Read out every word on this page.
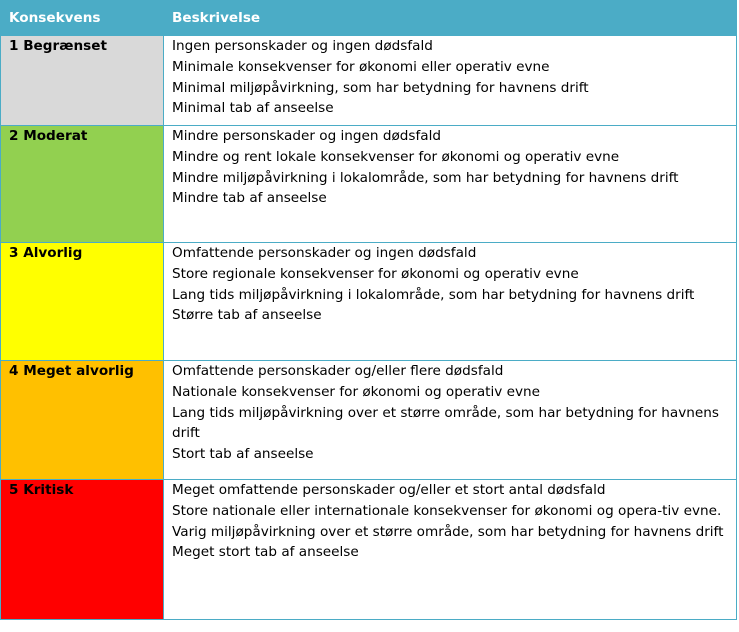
Konsekvens	Beskrivelse
1 Begrænset	Ingen personskader og ingen dødsfald
Minimale konsekvenser for økonomi eller operativ evne
Minimal miljøpåvirkning, som har betydning for havnens drift
Minimal tab af anseelse

2 Moderat	Mindre personskader og ingen dødsfald
Mindre og rent lokale konsekvenser for økonomi og operativ evne
Mindre miljøpåvirkning i lokalområde, som har betydning for havnens drift
Mindre tab af anseelse

3 Alvorlig	Omfattende personskader og ingen dødsfald
Store regionale konsekvenser for økonomi og operativ evne
Lang tids miljøpåvirkning i lokalområde, som har betydning for havnens drift
Større tab af anseelse

4 Meget alvorlig	Omfattende personskader og/eller flere dødsfald
Nationale konsekvenser for økonomi og operativ evne
Lang tids miljøpåvirkning over et større område, som har betydning for havnens drift
Stort tab af anseelse

5 Kritisk	Meget omfattende personskader og/eller et stort antal dødsfald
Store nationale eller internationale konsekvenser for økonomi og opera-tiv evne.
Varig miljøpåvirkning over et større område, som har betydning for havnens drift
Meget stort tab af anseelse
